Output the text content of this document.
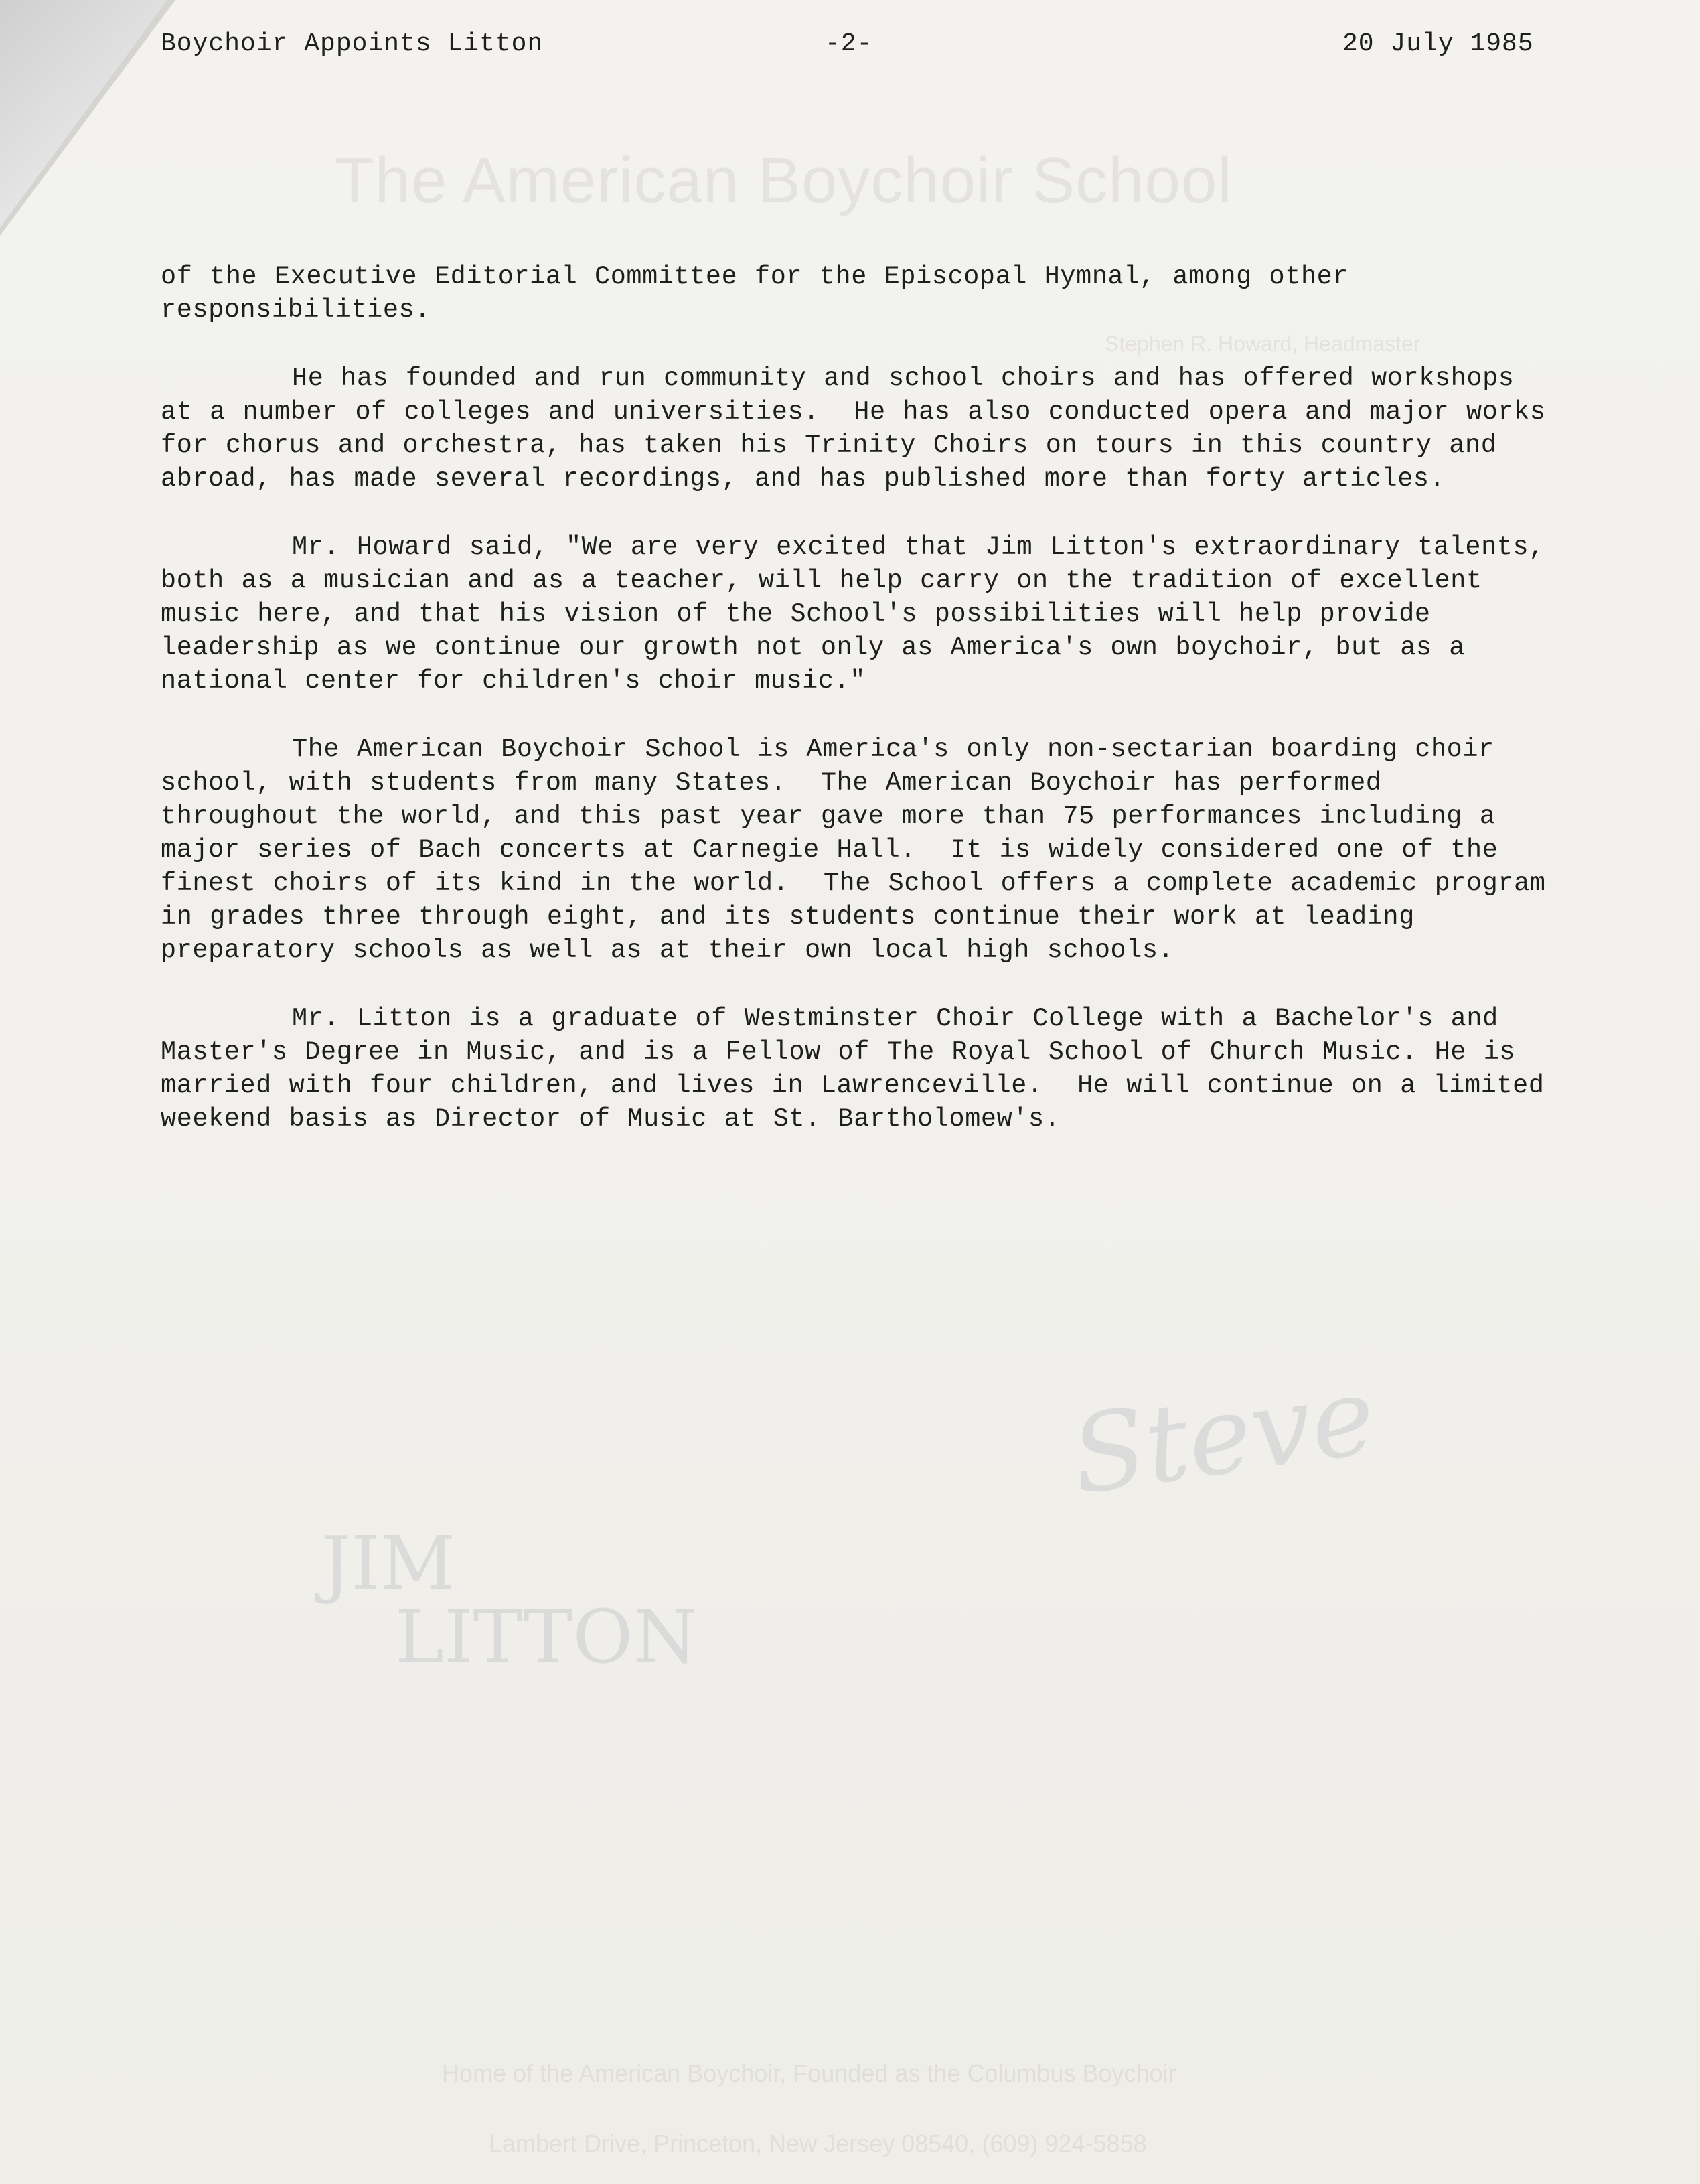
The American Boychoir School
Stephen R. Howard, Headmaster
Home of the American Boychoir, Founded as the Columbus Boychoir
Lambert Drive, Princeton, New Jersey 08540, (609) 924-5858
Steve
JIM
LITTON
Boychoir Appoints Litton	-2-	20 July 1985

of the Executive Editorial Committee for the Episcopal Hymnal, among other responsibilities.

He has founded and run community and school choirs and has offered workshops at a number of colleges and universities.  He has also conducted opera and major works for chorus and orchestra, has taken his Trinity Choirs on tours in this country and abroad, has made several recordings, and has published more than forty articles.

Mr. Howard said, "We are very excited that Jim Litton's extraordinary talents, both as a musician and as a teacher, will help carry on the tradition of excellent music here, and that his vision of the School's possibilities will help provide leadership as we continue our growth not only as America's own boychoir, but as a national center for children's choir music."

The American Boychoir School is America's only non-sectarian boarding choir school, with students from many States.  The American Boychoir has performed throughout the world, and this past year gave more than 75 performances including a major series of Bach concerts at Carnegie Hall.  It is widely considered one of the finest choirs of its kind in the world.  The School offers a complete academic program in grades three through eight, and its students continue their work at leading preparatory schools as well as at their own local high schools.

Mr. Litton is a graduate of Westminster Choir College with a Bachelor's and Master's Degree in Music, and is a Fellow of The Royal School of Church Music. He is married with four children, and lives in Lawrenceville.  He will continue on a limited weekend basis as Director of Music at St. Bartholomew's.
